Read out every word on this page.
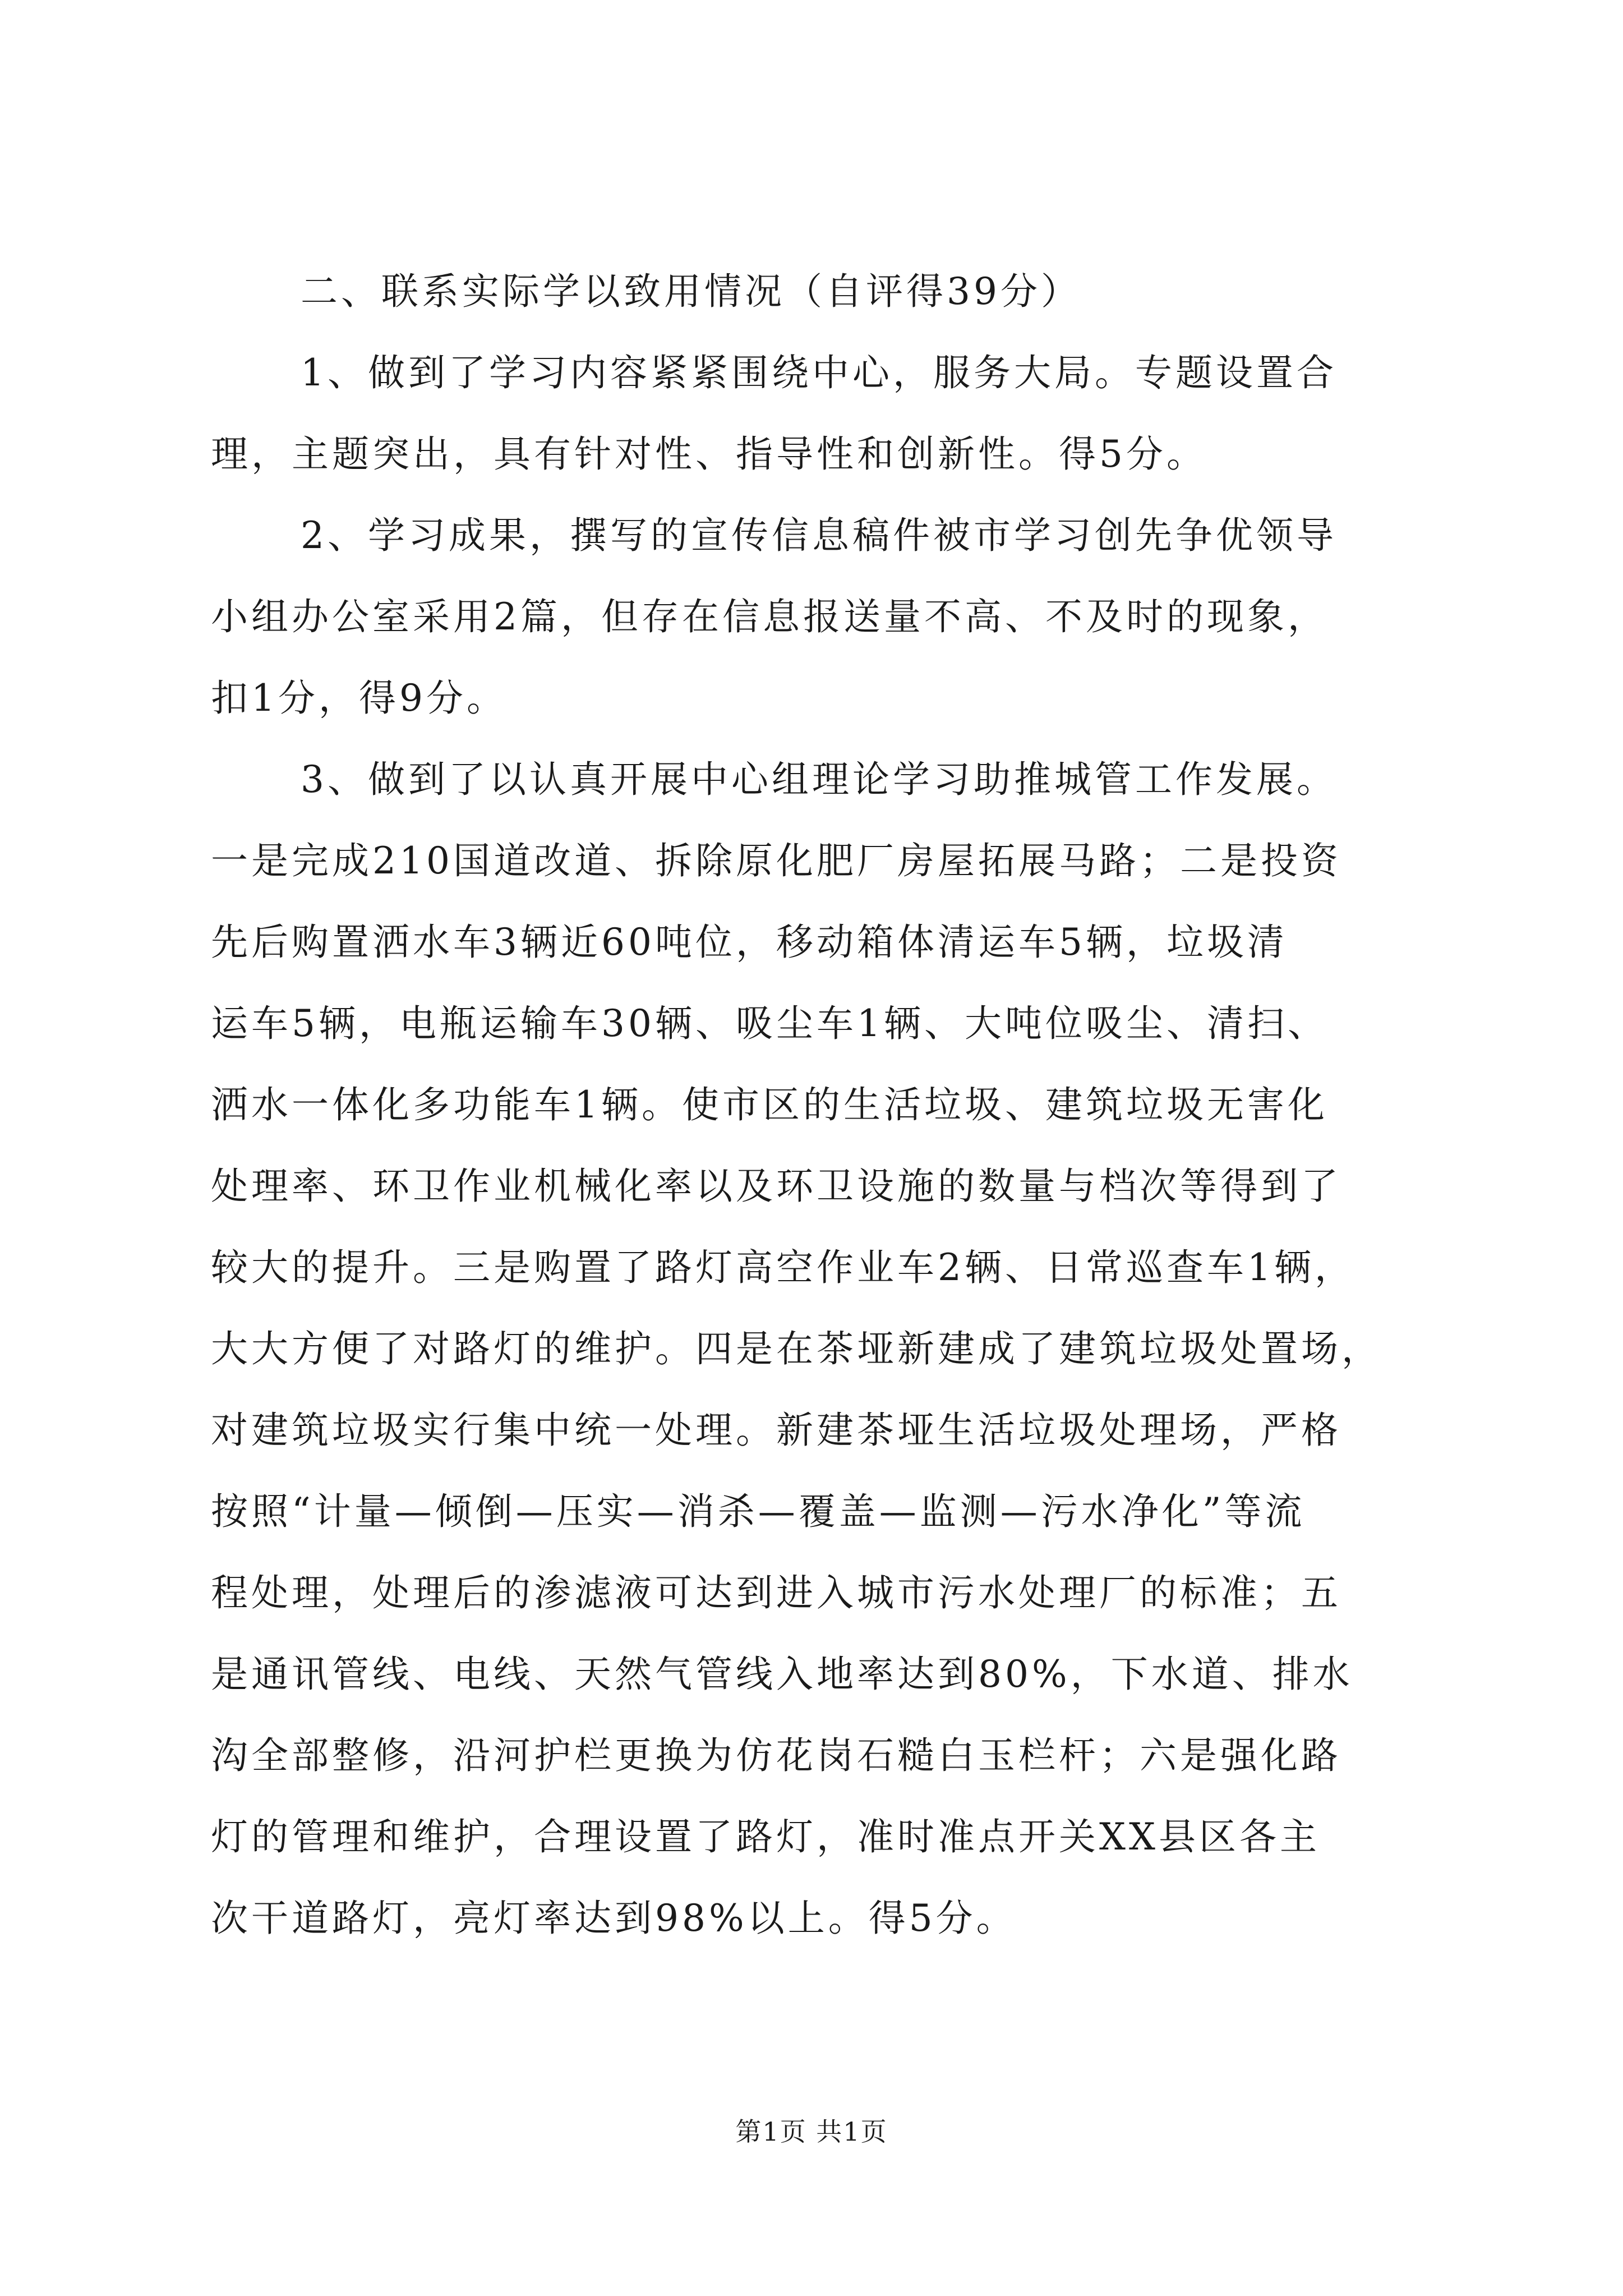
二、联系实际学以致用情况（自评得39分）
1、做到了学习内容紧紧围绕中心，服务大局。专题设置合
理，主题突出，具有针对性、指导性和创新性。得5分。
2、学习成果，撰写的宣传信息稿件被市学习创先争优领导
小组办公室采用2篇，但存在信息报送量不高、不及时的现象，
扣1分，得9分。
3、做到了以认真开展中心组理论学习助推城管工作发展。
一是完成210国道改道、拆除原化肥厂房屋拓展马路；二是投资
先后购置洒水车3辆近60吨位，移动箱体清运车5辆，垃圾清
运车5辆，电瓶运输车30辆、吸尘车1辆、大吨位吸尘、清扫、
洒水一体化多功能车1辆。使市区的生活垃圾、建筑垃圾无害化
处理率、环卫作业机械化率以及环卫设施的数量与档次等得到了
较大的提升。三是购置了路灯高空作业车2辆、日常巡查车1辆，
大大方便了对路灯的维护。四是在茶垭新建成了建筑垃圾处置场，
对建筑垃圾实行集中统一处理。新建茶垭生活垃圾处理场，严格
按照“计量—倾倒—压实—消杀—覆盖—监测—污水净化”等流
程处理，处理后的渗滤液可达到进入城市污水处理厂的标准；五
是通讯管线、电线、天然气管线入地率达到80%，下水道、排水
沟全部整修，沿河护栏更换为仿花岗石糙白玉栏杆；六是强化路
灯的管理和维护，合理设置了路灯，准时准点开关XX县区各主
次干道路灯，亮灯率达到98%以上。得5分。
第1页 共1页
